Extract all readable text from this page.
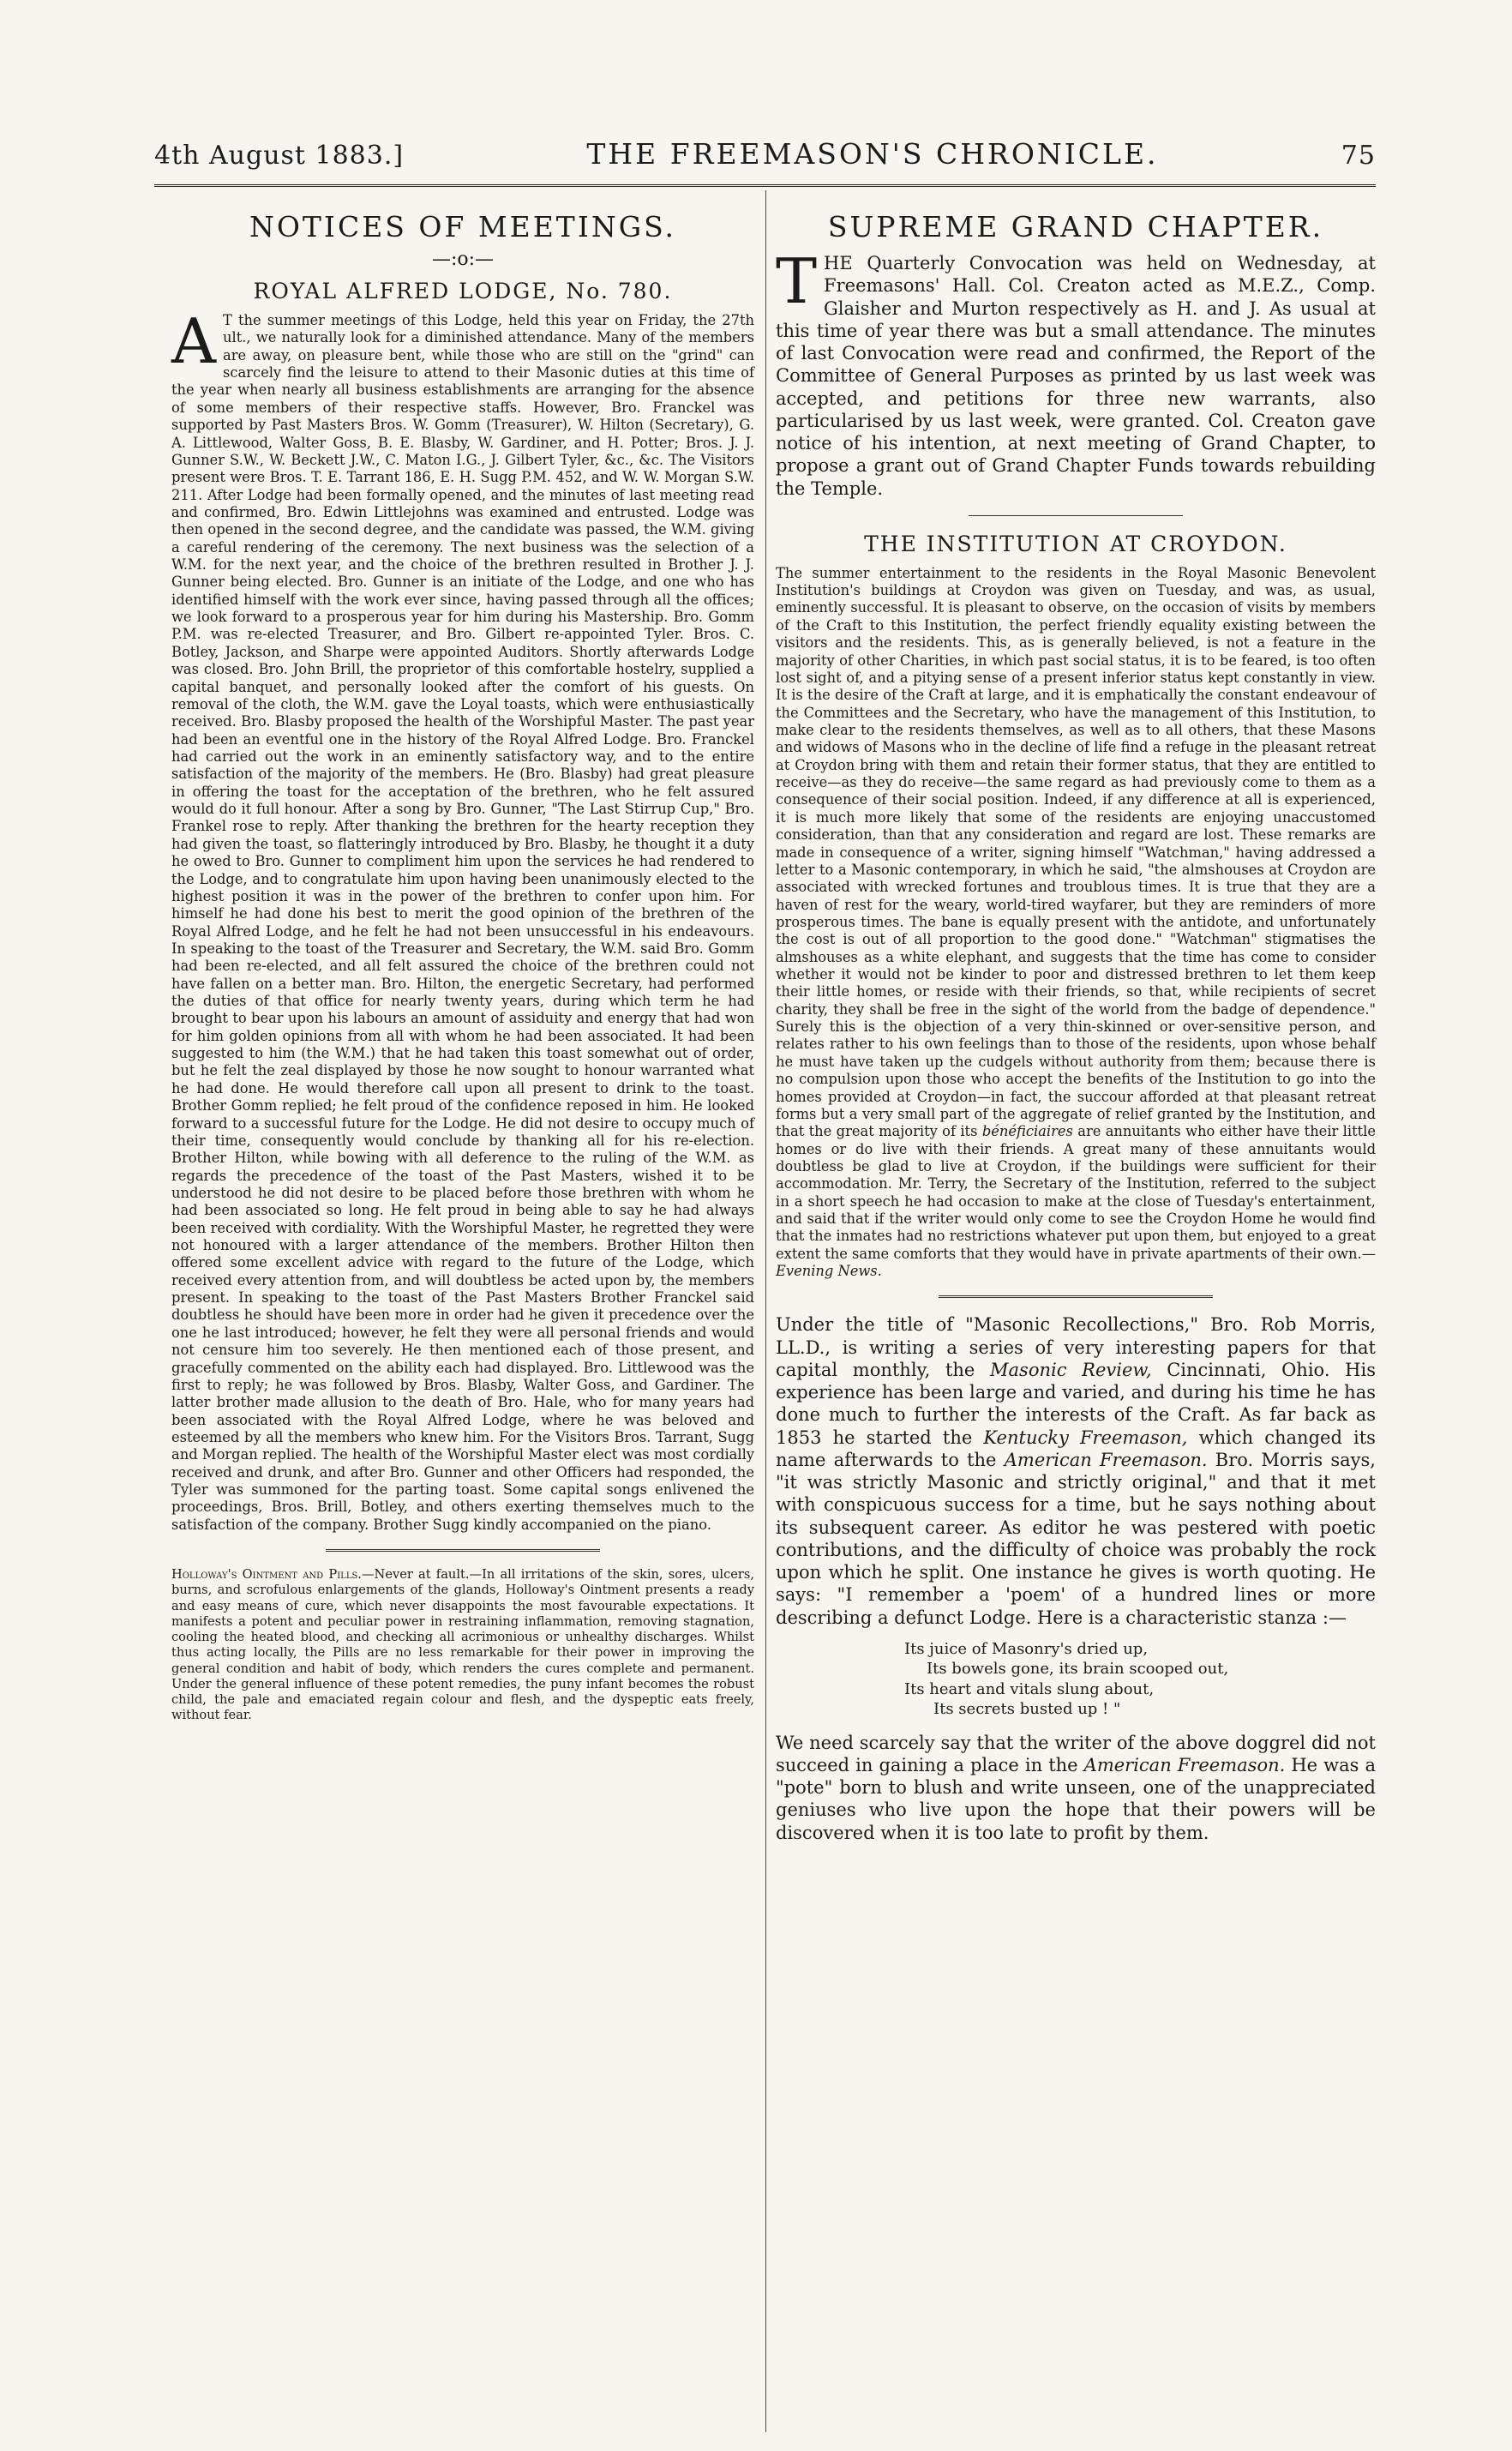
4th August 1883.]	THE FREEMASON'S CHRONICLE.	75
NOTICES OF MEETINGS.
—:o:—
ROYAL ALFRED LODGE, No. 780.

A T the summer meetings of this Lodge, held this year on Friday, the 27th ult., we naturally look for a diminished attendance. Many of the members are away, on pleasure bent, while those who are still on the "grind" can scarcely find the leisure to attend to their Masonic duties at this time of the year when nearly all business establishments are arranging for the absence of some members of their respective staffs. However, Bro. Franckel was supported by Past Masters Bros. W. Gomm (Treasurer), W. Hilton (Secretary), G. A. Littlewood, Walter Goss, B. E. Blasby, W. Gardiner, and H. Potter; Bros. J. J. Gunner S.W., W. Beckett J.W., C. Maton I.G., J. Gilbert Tyler, &c., &c. The Visitors present were Bros. T. E. Tarrant 186, E. H. Sugg P.M. 452, and W. W. Morgan S.W. 211. After Lodge had been formally opened, and the minutes of last meeting read and confirmed, Bro. Edwin Littlejohns was examined and entrusted. Lodge was then opened in the second degree, and the candidate was passed, the W.M. giving a careful rendering of the ceremony. The next business was the selection of a W.M. for the next year, and the choice of the brethren resulted in Brother J. J. Gunner being elected. Bro. Gunner is an initiate of the Lodge, and one who has identified himself with the work ever since, having passed through all the offices; we look forward to a prosperous year for him during his Mastership. Bro. Gomm P.M. was re-elected Treasurer, and Bro. Gilbert re-appointed Tyler. Bros. C. Botley, Jackson, and Sharpe were appointed Auditors. Shortly afterwards Lodge was closed. Bro. John Brill, the proprietor of this comfortable hostelry, supplied a capital banquet, and personally looked after the comfort of his guests. On removal of the cloth, the W.M. gave the Loyal toasts, which were enthusiastically received. Bro. Blasby proposed the health of the Worshipful Master. The past year had been an eventful one in the history of the Royal Alfred Lodge. Bro. Franckel had carried out the work in an eminently satisfactory way, and to the entire satisfaction of the majority of the members. He (Bro. Blasby) had great pleasure in offering the toast for the acceptation of the brethren, who he felt assured would do it full honour. After a song by Bro. Gunner, "The Last Stirrup Cup," Bro. Frankel rose to reply. After thanking the brethren for the hearty reception they had given the toast, so flatteringly introduced by Bro. Blasby, he thought it a duty he owed to Bro. Gunner to compliment him upon the services he had rendered to the Lodge, and to congratulate him upon having been unanimously elected to the highest position it was in the power of the brethren to confer upon him. For himself he had done his best to merit the good opinion of the brethren of the Royal Alfred Lodge, and he felt he had not been unsuccessful in his endeavours. In speaking to the toast of the Treasurer and Secretary, the W.M. said Bro. Gomm had been re-elected, and all felt assured the choice of the brethren could not have fallen on a better man. Bro. Hilton, the energetic Secretary, had performed the duties of that office for nearly twenty years, during which term he had brought to bear upon his labours an amount of assiduity and energy that had won for him golden opinions from all with whom he had been associated. It had been suggested to him (the W.M.) that he had taken this toast somewhat out of order, but he felt the zeal displayed by those he now sought to honour warranted what he had done. He would therefore call upon all present to drink to the toast. Brother Gomm replied; he felt proud of the confidence reposed in him. He looked forward to a successful future for the Lodge. He did not desire to occupy much of their time, consequently would conclude by thanking all for his re-election. Brother Hilton, while bowing with all deference to the ruling of the W.M. as regards the precedence of the toast of the Past Masters, wished it to be understood he did not desire to be placed before those brethren with whom he had been associated so long. He felt proud in being able to say he had always been received with cordiality. With the Worshipful Master, he regretted they were not honoured with a larger attendance of the members. Brother Hilton then offered some excellent advice with regard to the future of the Lodge, which received every attention from, and will doubtless be acted upon by, the members present. In speaking to the toast of the Past Masters Brother Franckel said doubtless he should have been more in order had he given it precedence over the one he last introduced; however, he felt they were all personal friends and would not censure him too severely. He then mentioned each of those present, and gracefully commented on the ability each had displayed. Bro. Littlewood was the first to reply; he was followed by Bros. Blasby, Walter Goss, and Gardiner. The latter brother made allusion to the death of Bro. Hale, who for many years had been associated with the Royal Alfred Lodge, where he was beloved and esteemed by all the members who knew him. For the Visitors Bros. Tarrant, Sugg and Morgan replied. The health of the Worshipful Master elect was most cordially received and drunk, and after Bro. Gunner and other Officers had responded, the Tyler was summoned for the parting toast. Some capital songs enlivened the proceedings, Bros. Brill, Botley, and others exerting themselves much to the satisfaction of the company. Brother Sugg kindly accompanied on the piano.

Holloway's Ointment and Pills.—Never at fault.—In all irritations of the skin, sores, ulcers, burns, and scrofulous enlargements of the glands, Holloway's Ointment presents a ready and easy means of cure, which never disappoints the most favourable expectations. It manifests a potent and peculiar power in restraining inflammation, removing stagnation, cooling the heated blood, and checking all acrimonious or unhealthy discharges. Whilst thus acting locally, the Pills are no less remarkable for their power in improving the general condition and habit of body, which renders the cures complete and permanent. Under the general influence of these potent remedies, the puny infant becomes the robust child, the pale and emaciated regain colour and flesh, and the dyspeptic eats freely, without fear.

SUPREME GRAND CHAPTER.

THE Quarterly Convocation was held on Wednesday, at Freemasons' Hall. Col. Creaton acted as M.E.Z., Comp. Glaisher and Murton respectively as H. and J. As usual at this time of year there was but a small attendance. The minutes of last Convocation were read and confirmed, the Report of the Committee of General Purposes as printed by us last week was accepted, and petitions for three new warrants, also particularised by us last week, were granted. Col. Creaton gave notice of his intention, at next meeting of Grand Chapter, to propose a grant out of Grand Chapter Funds towards rebuilding the Temple.

THE INSTITUTION AT CROYDON.

The summer entertainment to the residents in the Royal Masonic Benevolent Institution's buildings at Croydon was given on Tuesday, and was, as usual, eminently successful. It is pleasant to observe, on the occasion of visits by members of the Craft to this Institution, the perfect friendly equality existing between the visitors and the residents. This, as is generally believed, is not a feature in the majority of other Charities, in which past social status, it is to be feared, is too often lost sight of, and a pitying sense of a present inferior status kept constantly in view. It is the desire of the Craft at large, and it is emphatically the constant endeavour of the Committees and the Secretary, who have the management of this Institution, to make clear to the residents themselves, as well as to all others, that these Masons and widows of Masons who in the decline of life find a refuge in the pleasant retreat at Croydon bring with them and retain their former status, that they are entitled to receive—as they do receive—the same regard as had previously come to them as a consequence of their social position. Indeed, if any difference at all is experienced, it is much more likely that some of the residents are enjoying unaccustomed consideration, than that any consideration and regard are lost. These remarks are made in consequence of a writer, signing himself "Watchman," having addressed a letter to a Masonic contemporary, in which he said, "the almshouses at Croydon are associated with wrecked fortunes and troublous times. It is true that they are a haven of rest for the weary, world-tired wayfarer, but they are reminders of more prosperous times. The bane is equally present with the antidote, and unfortunately the cost is out of all proportion to the good done." "Watchman" stigmatises the almshouses as a white elephant, and suggests that the time has come to consider whether it would not be kinder to poor and distressed brethren to let them keep their little homes, or reside with their friends, so that, while recipients of secret charity, they shall be free in the sight of the world from the badge of dependence." Surely this is the objection of a very thin-skinned or over-sensitive person, and relates rather to his own feelings than to those of the residents, upon whose behalf he must have taken up the cudgels without authority from them; because there is no compulsion upon those who accept the benefits of the Institution to go into the homes provided at Croydon—in fact, the succour afforded at that pleasant retreat forms but a very small part of the aggregate of relief granted by the Institution, and that the great majority of its bénéficiaires are annuitants who either have their little homes or do live with their friends. A great many of these annuitants would doubtless be glad to live at Croydon, if the buildings were sufficient for their accommodation. Mr. Terry, the Secretary of the Institution, referred to the subject in a short speech he had occasion to make at the close of Tuesday's entertainment, and said that if the writer would only come to see the Croydon Home he would find that the inmates had no restrictions whatever put upon them, but enjoyed to a great extent the same comforts that they would have in private apartments of their own.—Evening News.

Under the title of "Masonic Recollections," Bro. Rob Morris, LL.D., is writing a series of very interesting papers for that capital monthly, the Masonic Review, Cincinnati, Ohio. His experience has been large and varied, and during his time he has done much to further the interests of the Craft. As far back as 1853 he started the Kentucky Freemason, which changed its name afterwards to the American Freemason. Bro. Morris says, "it was strictly Masonic and strictly original," and that it met with conspicuous success for a time, but he says nothing about its subsequent career. As editor he was pestered with poetic contributions, and the difficulty of choice was probably the rock upon which he split. One instance he gives is worth quoting. He says: "I remember a 'poem' of a hundred lines or more describing a defunct Lodge. Here is a characteristic stanza :—

Its juice of Masonry's dried up,
Its bowels gone, its brain scooped out,
Its heart and vitals slung about,
Its secrets busted up ! "

We need scarcely say that the writer of the above doggrel did not succeed in gaining a place in the American Freemason. He was a "pote" born to blush and write unseen, one of the unappreciated geniuses who live upon the hope that their powers will be discovered when it is too late to profit by them.
